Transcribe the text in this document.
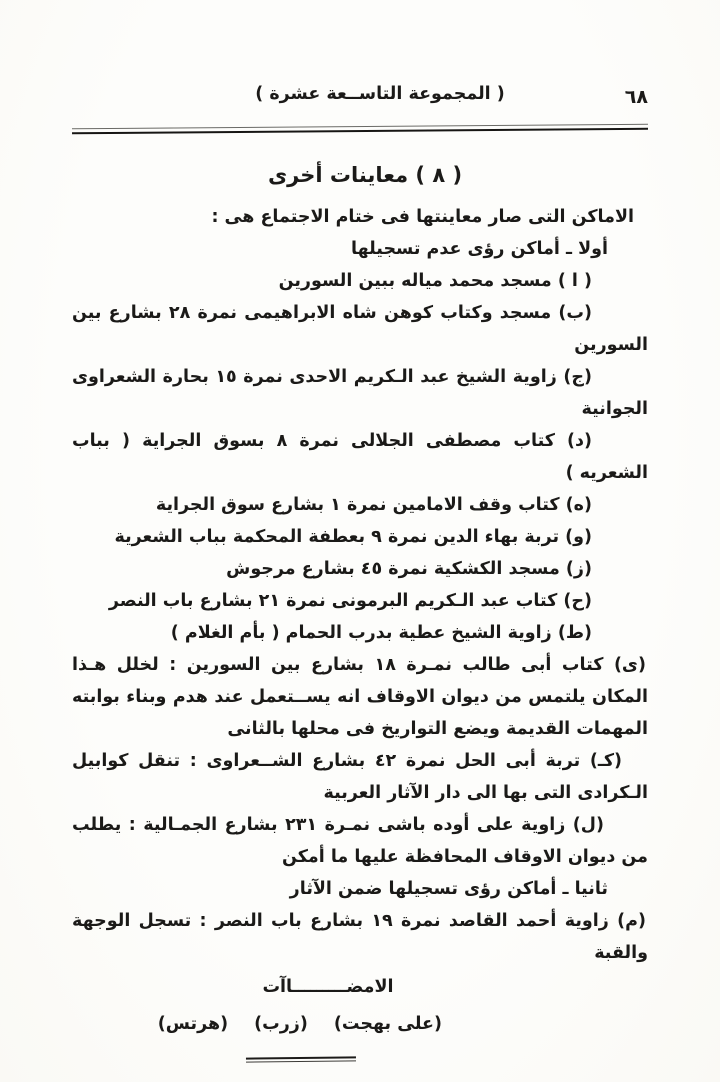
٦٨
( المجموعة التاســعة عشرة )
( ٨ ) معاينات أخرى

الاماكن التى صار معاينتها فى ختام الاجتماع هى :

أولا ـ أماكن رؤى عدم تسجيلها

( ا ) مسجد محمد مياله ببين السورين

(ب) مسجد وكتاب كوهن شاه الابراهيمى نمرة ٢٨ بشارع بين السورين

(ج) زاوية الشيخ عبد الـكريم الاحدى نمرة ١٥ بحارة الشعراوى الجوانية

(د) كتاب مصطفى الجلالى نمرة ٨ بسوق الجراية ( بباب الشعريه )

(ه) كتاب وقف الامامين نمرة ١ بشارع سوق الجراية

(و) تربة بهاء الدين نمرة ٩ بعطفة المحكمة بباب الشعرية

(ز) مسجد الكشكية نمرة ٤٥ بشارع مرجوش

(ح) كتاب عبد الـكريم البرمونى نمرة ٢١ بشارع باب النصر

(ط) زاوية الشيخ عطية بدرب الحمام ( بأم الغلام )

(ى) كتاب أبى طالب نمـرة ١٨ بشارع بين السورين : لخلل هـذا المكان يلتمس من ديوان الاوقاف انه يســتعمل عند هدم وبناء بوابته المهمات القديمة ويضع التواريخ فى محلها بالثانى

(كـ) تربة أبى الحل نمرة ٤٢ بشارع الشــعراوى : تنقل كوابيل الـكرادى التى بها الى دار الآثار العربية

(ل) زاوية على أوده باشى نمـرة ٢٣١ بشارع الجمـالية : يطلب من ديوان الاوقاف المحافظة عليها ما أمكن

ثانيا ـ أماكن رؤى تسجيلها ضمن الآثار

(م) زاوية أحمد القاصد نمرة ١٩ بشارع باب النصر : تسجل الوجهة والقبة

الامضـــــــــاآت

(على بهجت)
(زرب)
(هرتس)
